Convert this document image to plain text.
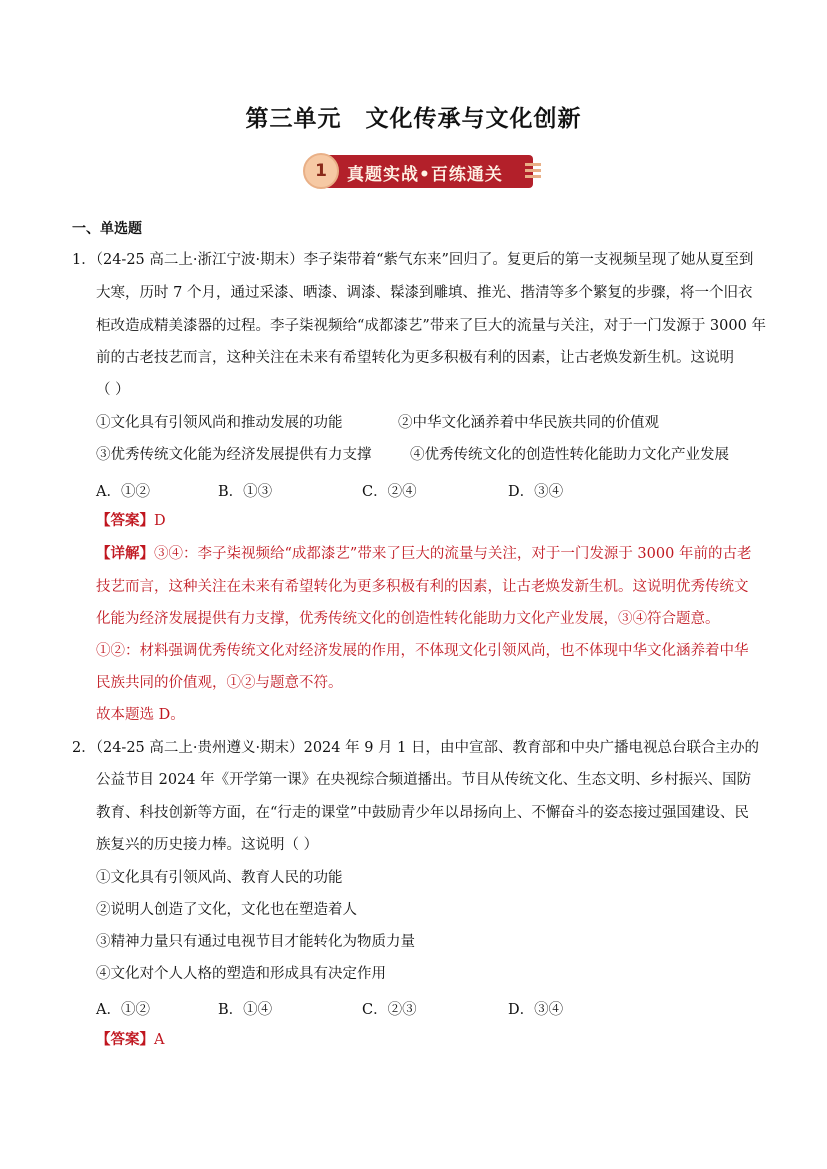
第三单元 文化传承与文化创新
1	真题实战•百练通关
一、单选题
1．（24-25 高二上·浙江宁波·期末）李子柒带着“紫气东来”回归了。复更后的第一支视频呈现了她从夏至到
大寒，历时 7 个月，通过采漆、晒漆、调漆、髹漆到雕填、推光、揩清等多个繁复的步骤，将一个旧衣
柜改造成精美漆器的过程。李子柒视频给“成都漆艺”带来了巨大的流量与关注，对于一门发源于 3000 年
前的古老技艺而言，这种关注在未来有希望转化为更多积极有利的因素，让古老焕发新生机。这说明
（ ）
①文化具有引领风尚和推动发展的功能	②中华文化涵养着中华民族共同的价值观
③优秀传统文化能为经济发展提供有力支撑	④优秀传统文化的创造性转化能助力文化产业发展
A．①②	B．①③	C．②④	D．③④
【答案】D
【详解】③④：李子柒视频给“成都漆艺”带来了巨大的流量与关注，对于一门发源于 3000 年前的古老
技艺而言，这种关注在未来有希望转化为更多积极有利的因素，让古老焕发新生机。这说明优秀传统文
化能为经济发展提供有力支撑，优秀传统文化的创造性转化能助力文化产业发展，③④符合题意。
①②：材料强调优秀传统文化对经济发展的作用，不体现文化引领风尚，也不体现中华文化涵养着中华
民族共同的价值观，①②与题意不符。
故本题选 D。
2．（24-25 高二上·贵州遵义·期末）2024 年 9 月 1 日，由中宣部、教育部和中央广播电视总台联合主办的
公益节目 2024 年《开学第一课》在央视综合频道播出。节目从传统文化、生态文明、乡村振兴、国防
教育、科技创新等方面，在“行走的课堂”中鼓励青少年以昂扬向上、不懈奋斗的姿态接过强国建设、民
族复兴的历史接力棒。这说明（ ）
①文化具有引领风尚、教育人民的功能
②说明人创造了文化，文化也在塑造着人
③精神力量只有通过电视节目才能转化为物质力量
④文化对个人人格的塑造和形成具有决定作用
A．①②	B．①④	C．②③	D．③④
【答案】A
